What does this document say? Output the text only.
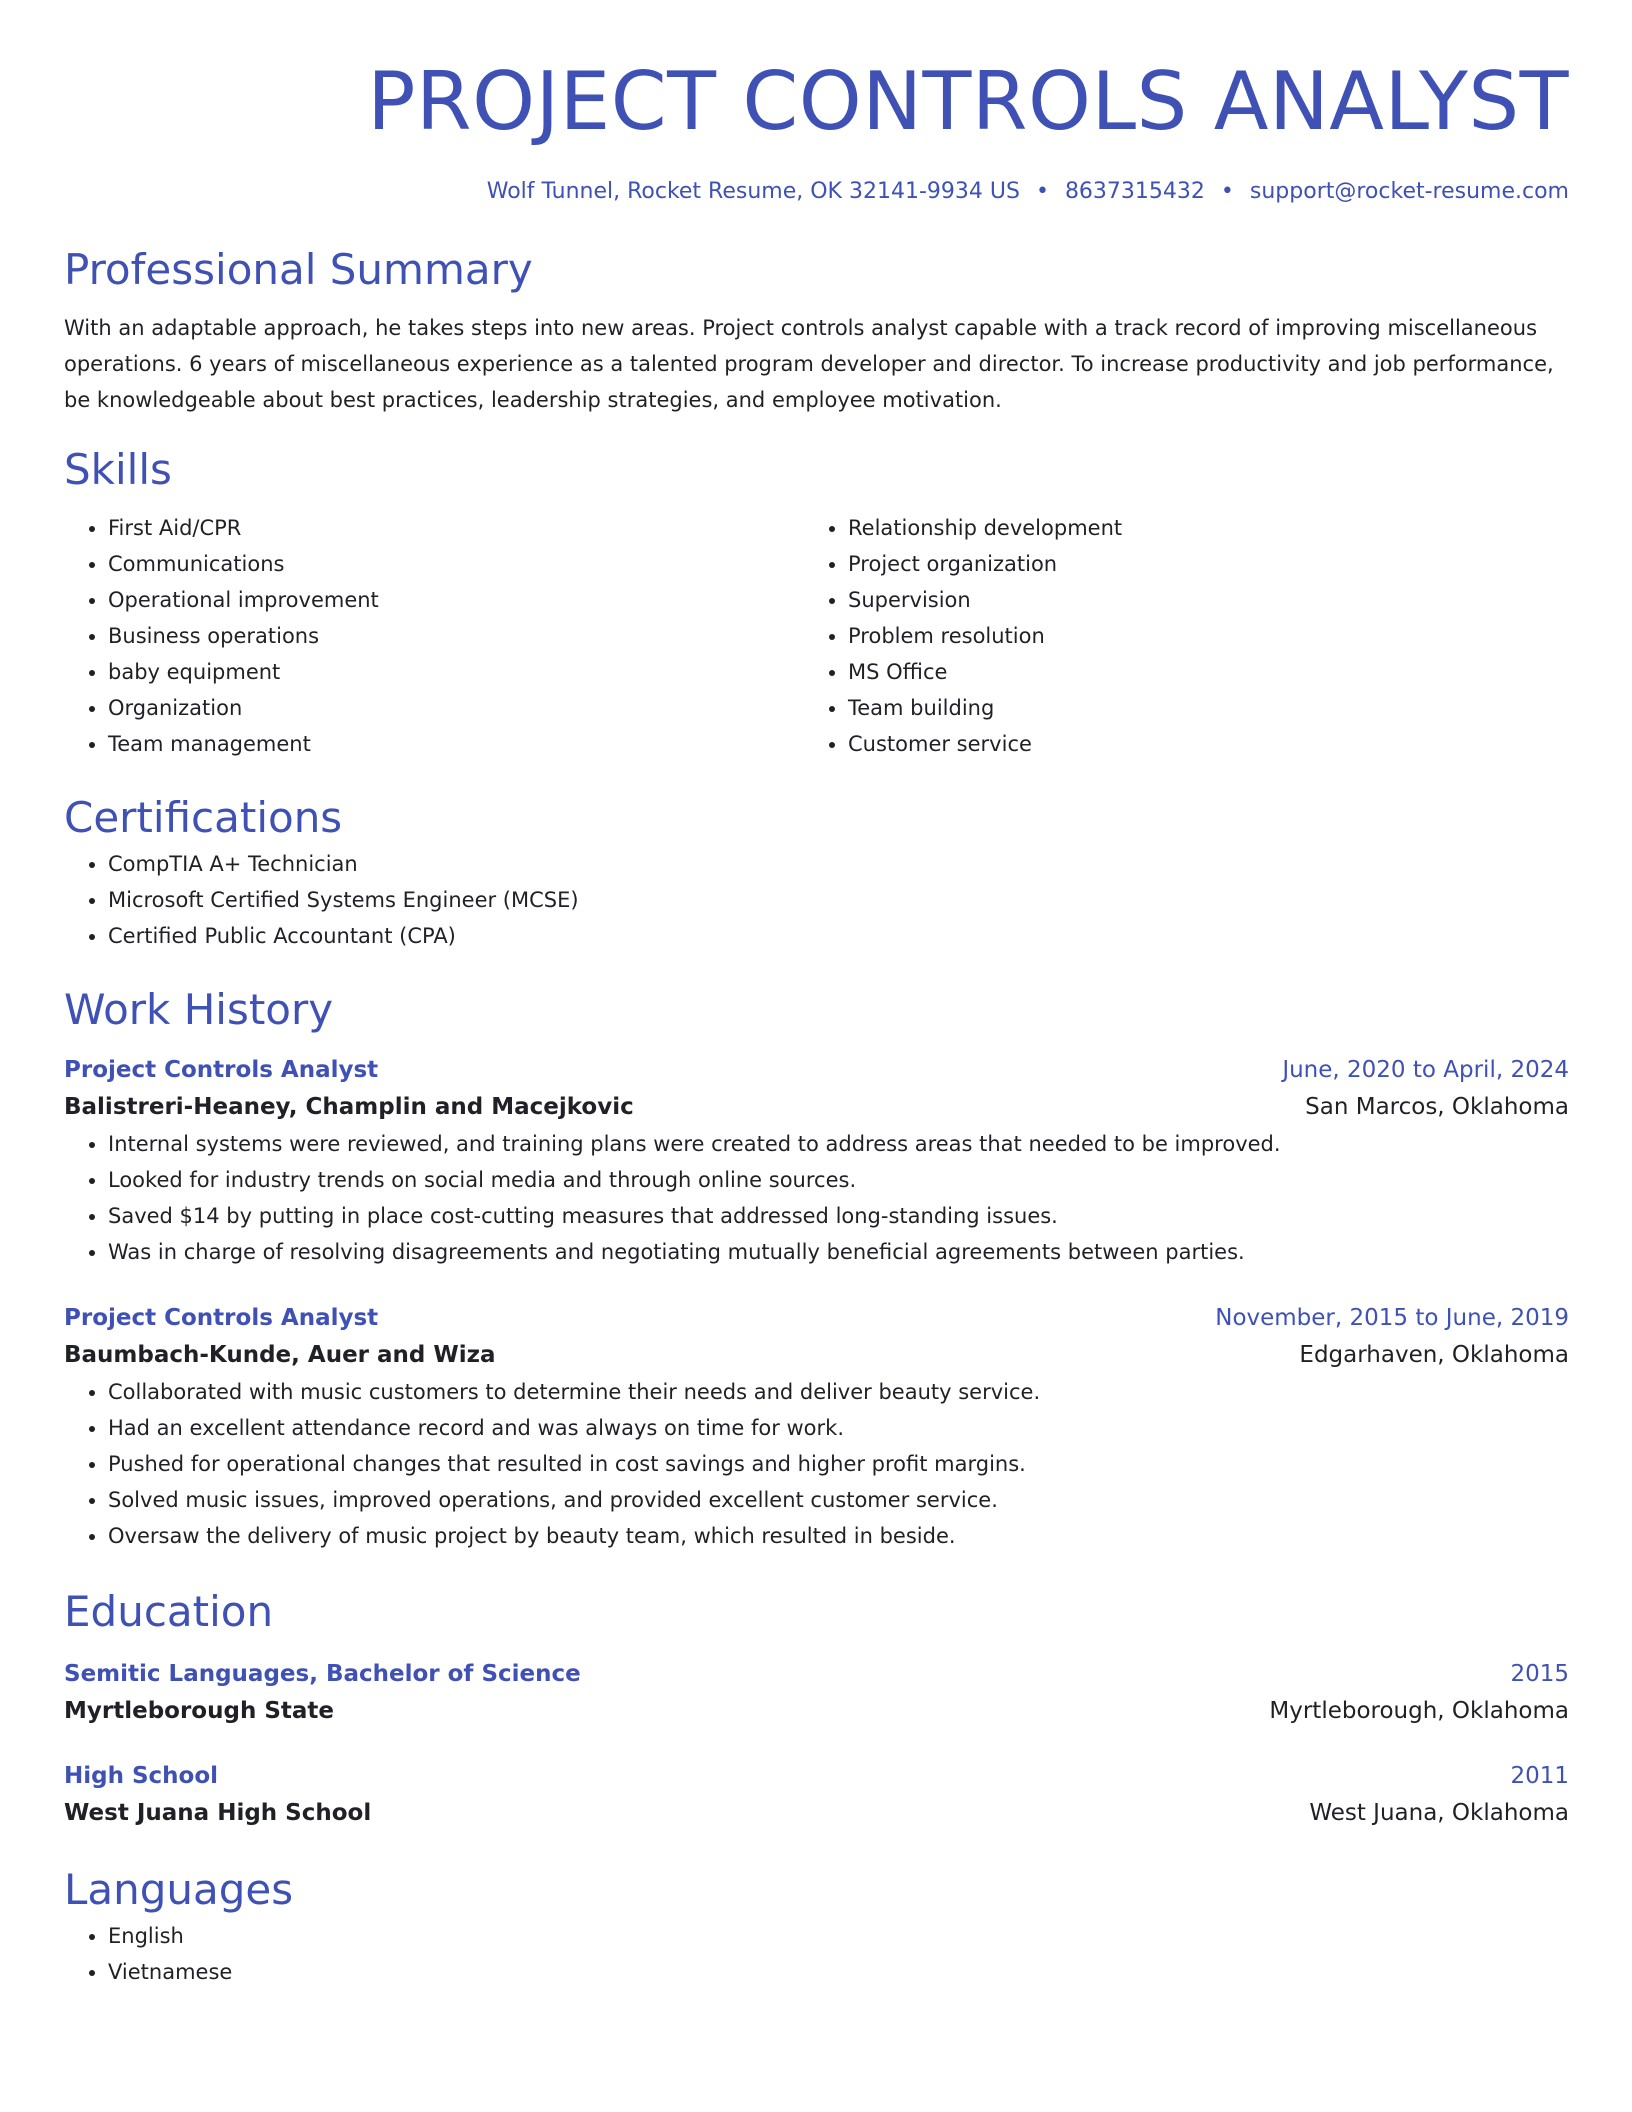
PROJECT CONTROLS ANALYST
Wolf Tunnel, Rocket Resume, OK 32141-9934 US • 8637315432 • support@rocket-resume.com
Professional Summary

With an adaptable approach, he takes steps into new areas. Project controls analyst capable with a track record of improving miscellaneous operations. 6 years of miscellaneous experience as a talented program developer and director. To increase productivity and job performance, be knowledgeable about best practices, leadership strategies, and employee motivation.

Skills
• First Aid/CPR
• Communications
• Operational improvement
• Business operations
• baby equipment
• Organization
• Team management
• Relationship development
• Project organization
• Supervision
• Problem resolution
• MS Office
• Team building
• Customer service
Certifications
• CompTIA A+ Technician
• Microsoft Certified Systems Engineer (MCSE)
• Certified Public Accountant (CPA)
Work History
Project Controls Analyst	June, 2020 to April, 2024
Balistreri-Heaney, Champlin and Macejkovic	San Marcos, Oklahoma
• Internal systems were reviewed, and training plans were created to address areas that needed to be improved.
• Looked for industry trends on social media and through online sources.
• Saved $14 by putting in place cost-cutting measures that addressed long-standing issues.
• Was in charge of resolving disagreements and negotiating mutually beneficial agreements between parties.
Project Controls Analyst	November, 2015 to June, 2019
Baumbach-Kunde, Auer and Wiza	Edgarhaven, Oklahoma
• Collaborated with music customers to determine their needs and deliver beauty service.
• Had an excellent attendance record and was always on time for work.
• Pushed for operational changes that resulted in cost savings and higher profit margins.
• Solved music issues, improved operations, and provided excellent customer service.
• Oversaw the delivery of music project by beauty team, which resulted in beside.
Education
Semitic Languages, Bachelor of Science	2015
Myrtleborough State	Myrtleborough, Oklahoma
High School	2011
West Juana High School	West Juana, Oklahoma
Languages
• English
• Vietnamese
